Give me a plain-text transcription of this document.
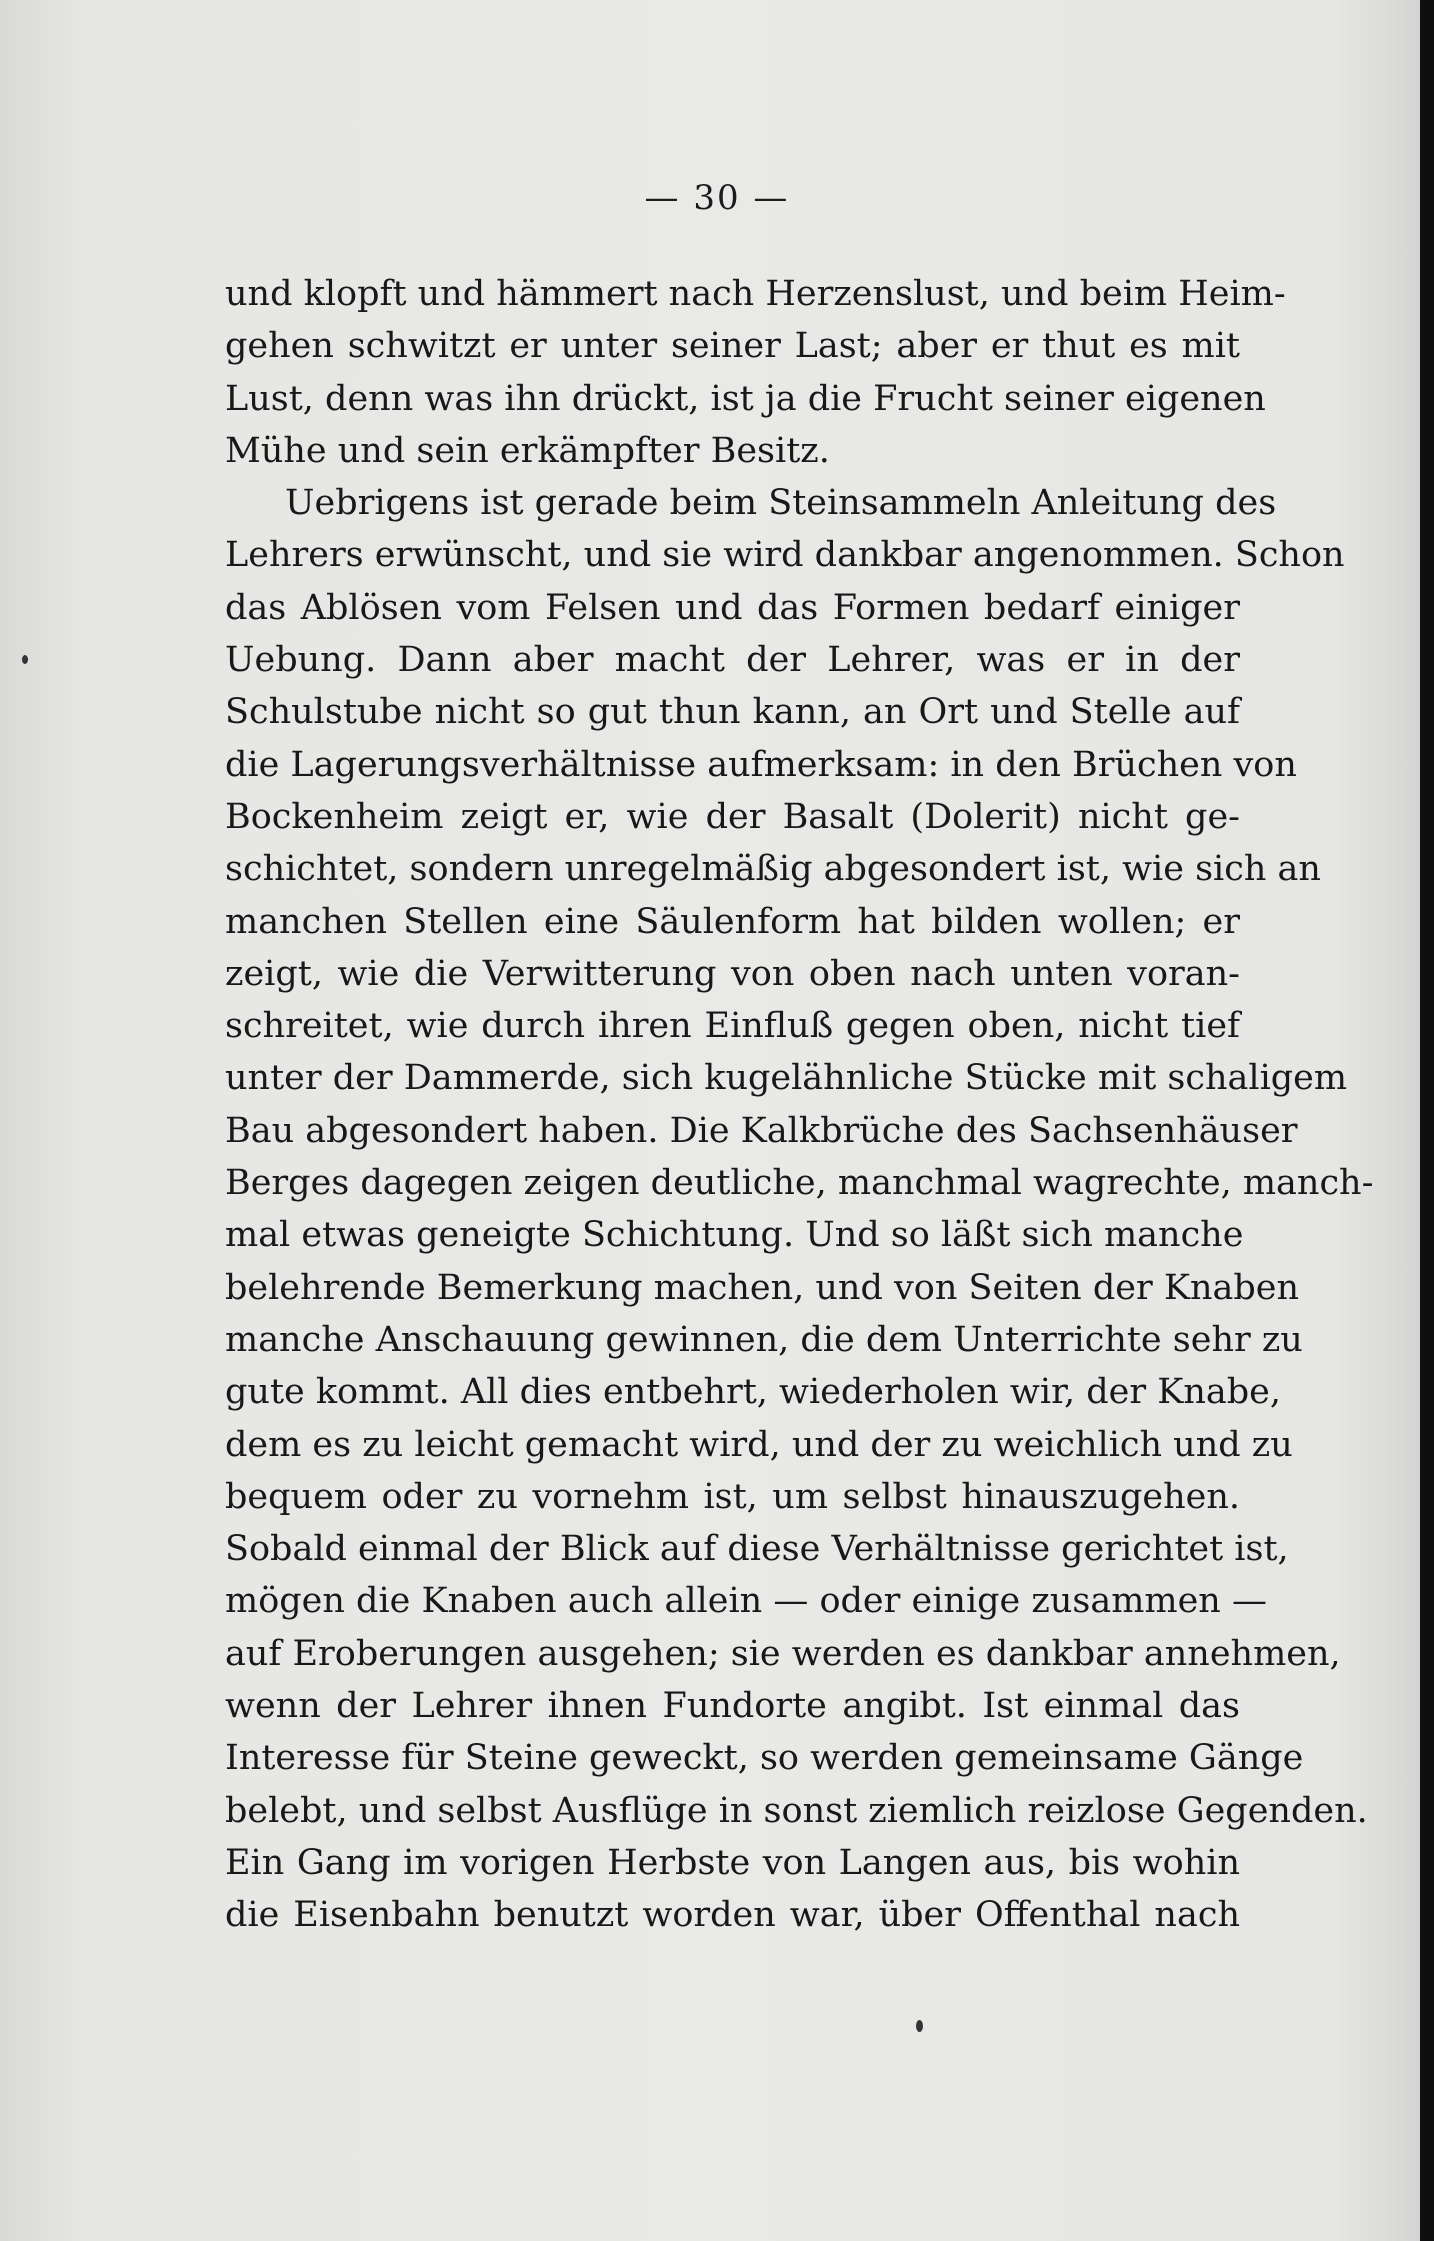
— 30 —
und klopft und hämmert nach Herzenslust, und beim Heim-
gehen schwitzt er unter seiner Last; aber er thut es mit
Lust, denn was ihn drückt, ist ja die Frucht seiner eigenen
Mühe und sein erkämpfter Besitz.
Uebrigens ist gerade beim Steinsammeln Anleitung des
Lehrers erwünscht, und sie wird dankbar angenommen. Schon
das Ablösen vom Felsen und das Formen bedarf einiger
Uebung. Dann aber macht der Lehrer, was er in der
Schulstube nicht so gut thun kann, an Ort und Stelle auf
die Lagerungsverhältnisse aufmerksam: in den Brüchen von
Bockenheim zeigt er, wie der Basalt (Dolerit) nicht ge-
schichtet, sondern unregelmäßig abgesondert ist, wie sich an
manchen Stellen eine Säulenform hat bilden wollen; er
zeigt, wie die Verwitterung von oben nach unten voran-
schreitet, wie durch ihren Einfluß gegen oben, nicht tief
unter der Dammerde, sich kugelähnliche Stücke mit schaligem
Bau abgesondert haben. Die Kalkbrüche des Sachsenhäuser
Berges dagegen zeigen deutliche, manchmal wagrechte, manch-
mal etwas geneigte Schichtung. Und so läßt sich manche
belehrende Bemerkung machen, und von Seiten der Knaben
manche Anschauung gewinnen, die dem Unterrichte sehr zu
gute kommt. All dies entbehrt, wiederholen wir, der Knabe,
dem es zu leicht gemacht wird, und der zu weichlich und zu
bequem oder zu vornehm ist, um selbst hinauszugehen.
Sobald einmal der Blick auf diese Verhältnisse gerichtet ist,
mögen die Knaben auch allein — oder einige zusammen —
auf Eroberungen ausgehen; sie werden es dankbar annehmen,
wenn der Lehrer ihnen Fundorte angibt. Ist einmal das
Interesse für Steine geweckt, so werden gemeinsame Gänge
belebt, und selbst Ausflüge in sonst ziemlich reizlose Gegenden.
Ein Gang im vorigen Herbste von Langen aus, bis wohin
die Eisenbahn benutzt worden war, über Offenthal nach
